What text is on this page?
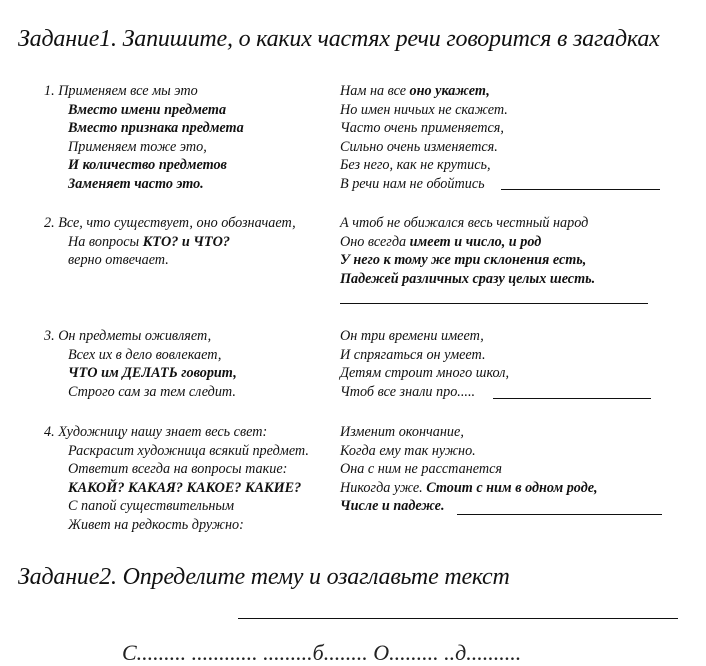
Задание1. Запишите, о каких частях речи говорится в загадках
1. Применяем все мы это
Вместо имени предмета
Вместо признака предмета
Применяем тоже это,
И количество предметов
Заменяет часто это.
Нам на все оно укажет,
Но имен ничьих не скажет.
Часто очень применяется,
Сильно очень изменяется.
Без него, как не крутись,
В речи нам не обойтись
2. Все, что существует, оно обозначает,
На вопросы КТО? и ЧТО?
верно отвечает.
А чтоб не обижался весь честный народ
Оно всегда имеет и число, и род
У него к тому же три склонения есть,
Падежей различных сразу целых шесть.
3. Он предметы оживляет,
Всех их в дело вовлекает,
ЧТО им ДЕЛАТЬ говорит,
Строго сам за тем следит.
Он три времени имеет,
И спрягаться он умеет.
Детям строит много школ,
Чтоб все знали про.....
4. Художницу нашу знает весь свет:
Раскрасит художница всякий предмет.
Ответит всегда на вопросы такие:
КАКОЙ? КАКАЯ? КАКОЕ? КАКИЕ?
С папой существительным
Живет на редкость дружно:
Изменит окончание,
Когда ему так нужно.
Она с ним не расстанется
Никогда уже. Стоит с ним в одном роде,
Числе и падеже.
Задание2. Определите тему и озаглавьте текст
С......... ............ .........б........ О......... ..д..........
